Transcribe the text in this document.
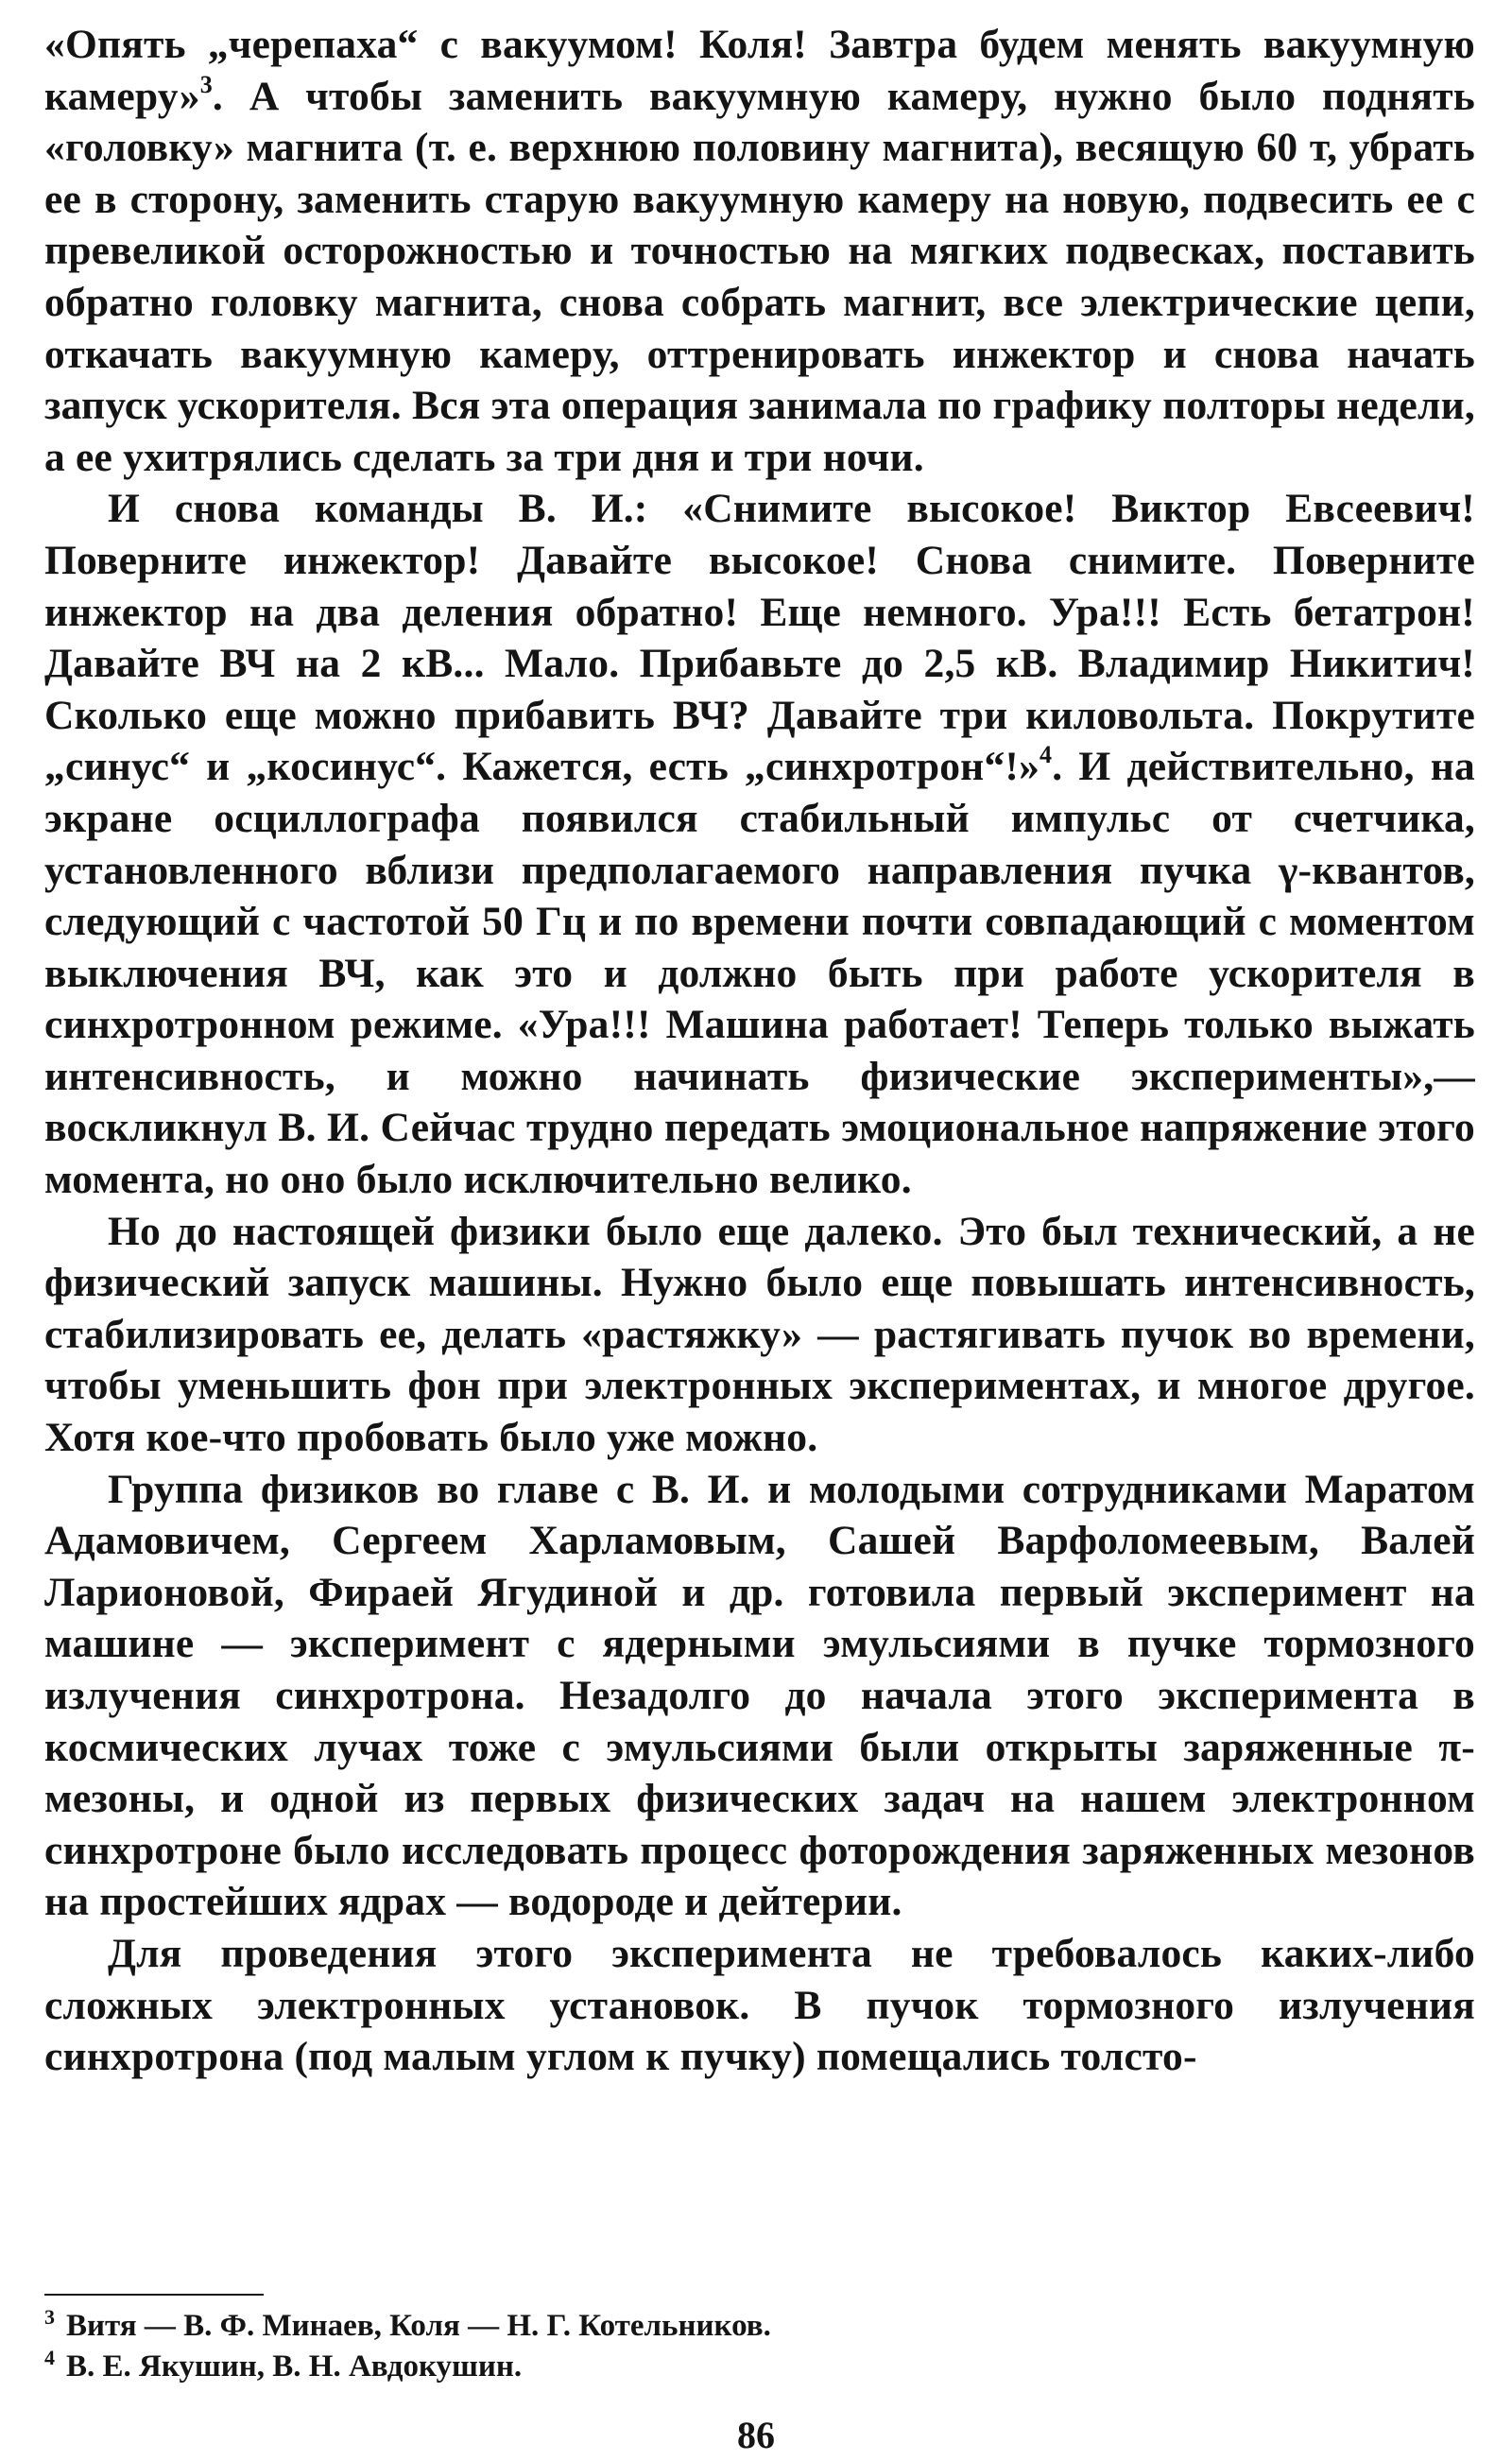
«Опять „черепаха“ с вакуумом! Коля! Завтра будем менять вакуумную камеру»$^3$. А чтобы заменить вакуумную камеру, нужно было поднять «головку» магнита (т. е. верхнюю половину магнита), весящую 60 т, убрать ее в сторону, заменить старую вакуумную камеру на новую, подвесить ее с превеликой осторожностью и точностью на мягких подвесках, поставить обратно головку магнита, снова собрать магнит, все электрические цепи, откачать вакуумную камеру, оттренировать инжектор и снова начать запуск ускорителя. Вся эта операция занимала по графику полторы недели, а ее ухитрялись сделать за три дня и три ночи.

И снова команды В. И.: «Снимите высокое! Виктор Евсеевич! Поверните инжектор! Давайте высокое! Снова снимите. Поверните инжектор на два деления обратно! Еще немного. Ура!!! Есть бетатрон! Давайте ВЧ на 2 кВ... Мало. Прибавьте до 2,5 кВ. Владимир Никитич! Сколько еще можно прибавить ВЧ? Давайте три киловольта. Покрутите „синус“ и „косинус“. Кажется, есть „синхротрон“!»$^4$. И действительно, на экране осциллографа появился стабильный импульс от счетчика, установленного вблизи предполагаемого направления пучка γ-квантов, следующий с частотой 50 Гц и по времени почти совпадающий с моментом выключения ВЧ, как это и должно быть при работе ускорителя в синхротронном режиме. «Ура!!! Машина работает! Теперь только выжать интенсивность, и можно начинать физические эксперименты»,— воскликнул В. И. Сейчас трудно передать эмоциональное напряжение этого момента, но оно было исключительно велико.

Но до настоящей физики было еще далеко. Это был технический, а не физический запуск машины. Нужно было еще повышать интенсивность, стабилизировать ее, делать «растяжку» — растягивать пучок во времени, чтобы уменьшить фон при электронных экспериментах, и многое другое. Хотя кое-что пробовать было уже можно.

Группа физиков во главе с В. И. и молодыми сотрудниками Маратом Адамовичем, Сергеем Харламовым, Сашей Варфоломеевым, Валей Ларионовой, Фираей Ягудиной и др. готовила первый эксперимент на машине — эксперимент с ядерными эмульсиями в пучке тормозного излучения синхротрона. Незадолго до начала этого эксперимента в космических лучах тоже с эмульсиями были открыты заряженные π-мезоны, и одной из первых физических задач на нашем электронном синхротроне было исследовать процесс фоторождения заряженных мезонов на простейших ядрах — водороде и дейтерии.

Для проведения этого эксперимента не требовалось каких-либо сложных электронных установок. В пучок тормозного излучения синхротрона (под малым углом к пучку) помещались толсто-

$^3$ Витя — В. Ф. Минаев, Коля — Н. Г. Котельников.

$^4$ В. Е. Якушин, В. Н. Авдокушин.

86
